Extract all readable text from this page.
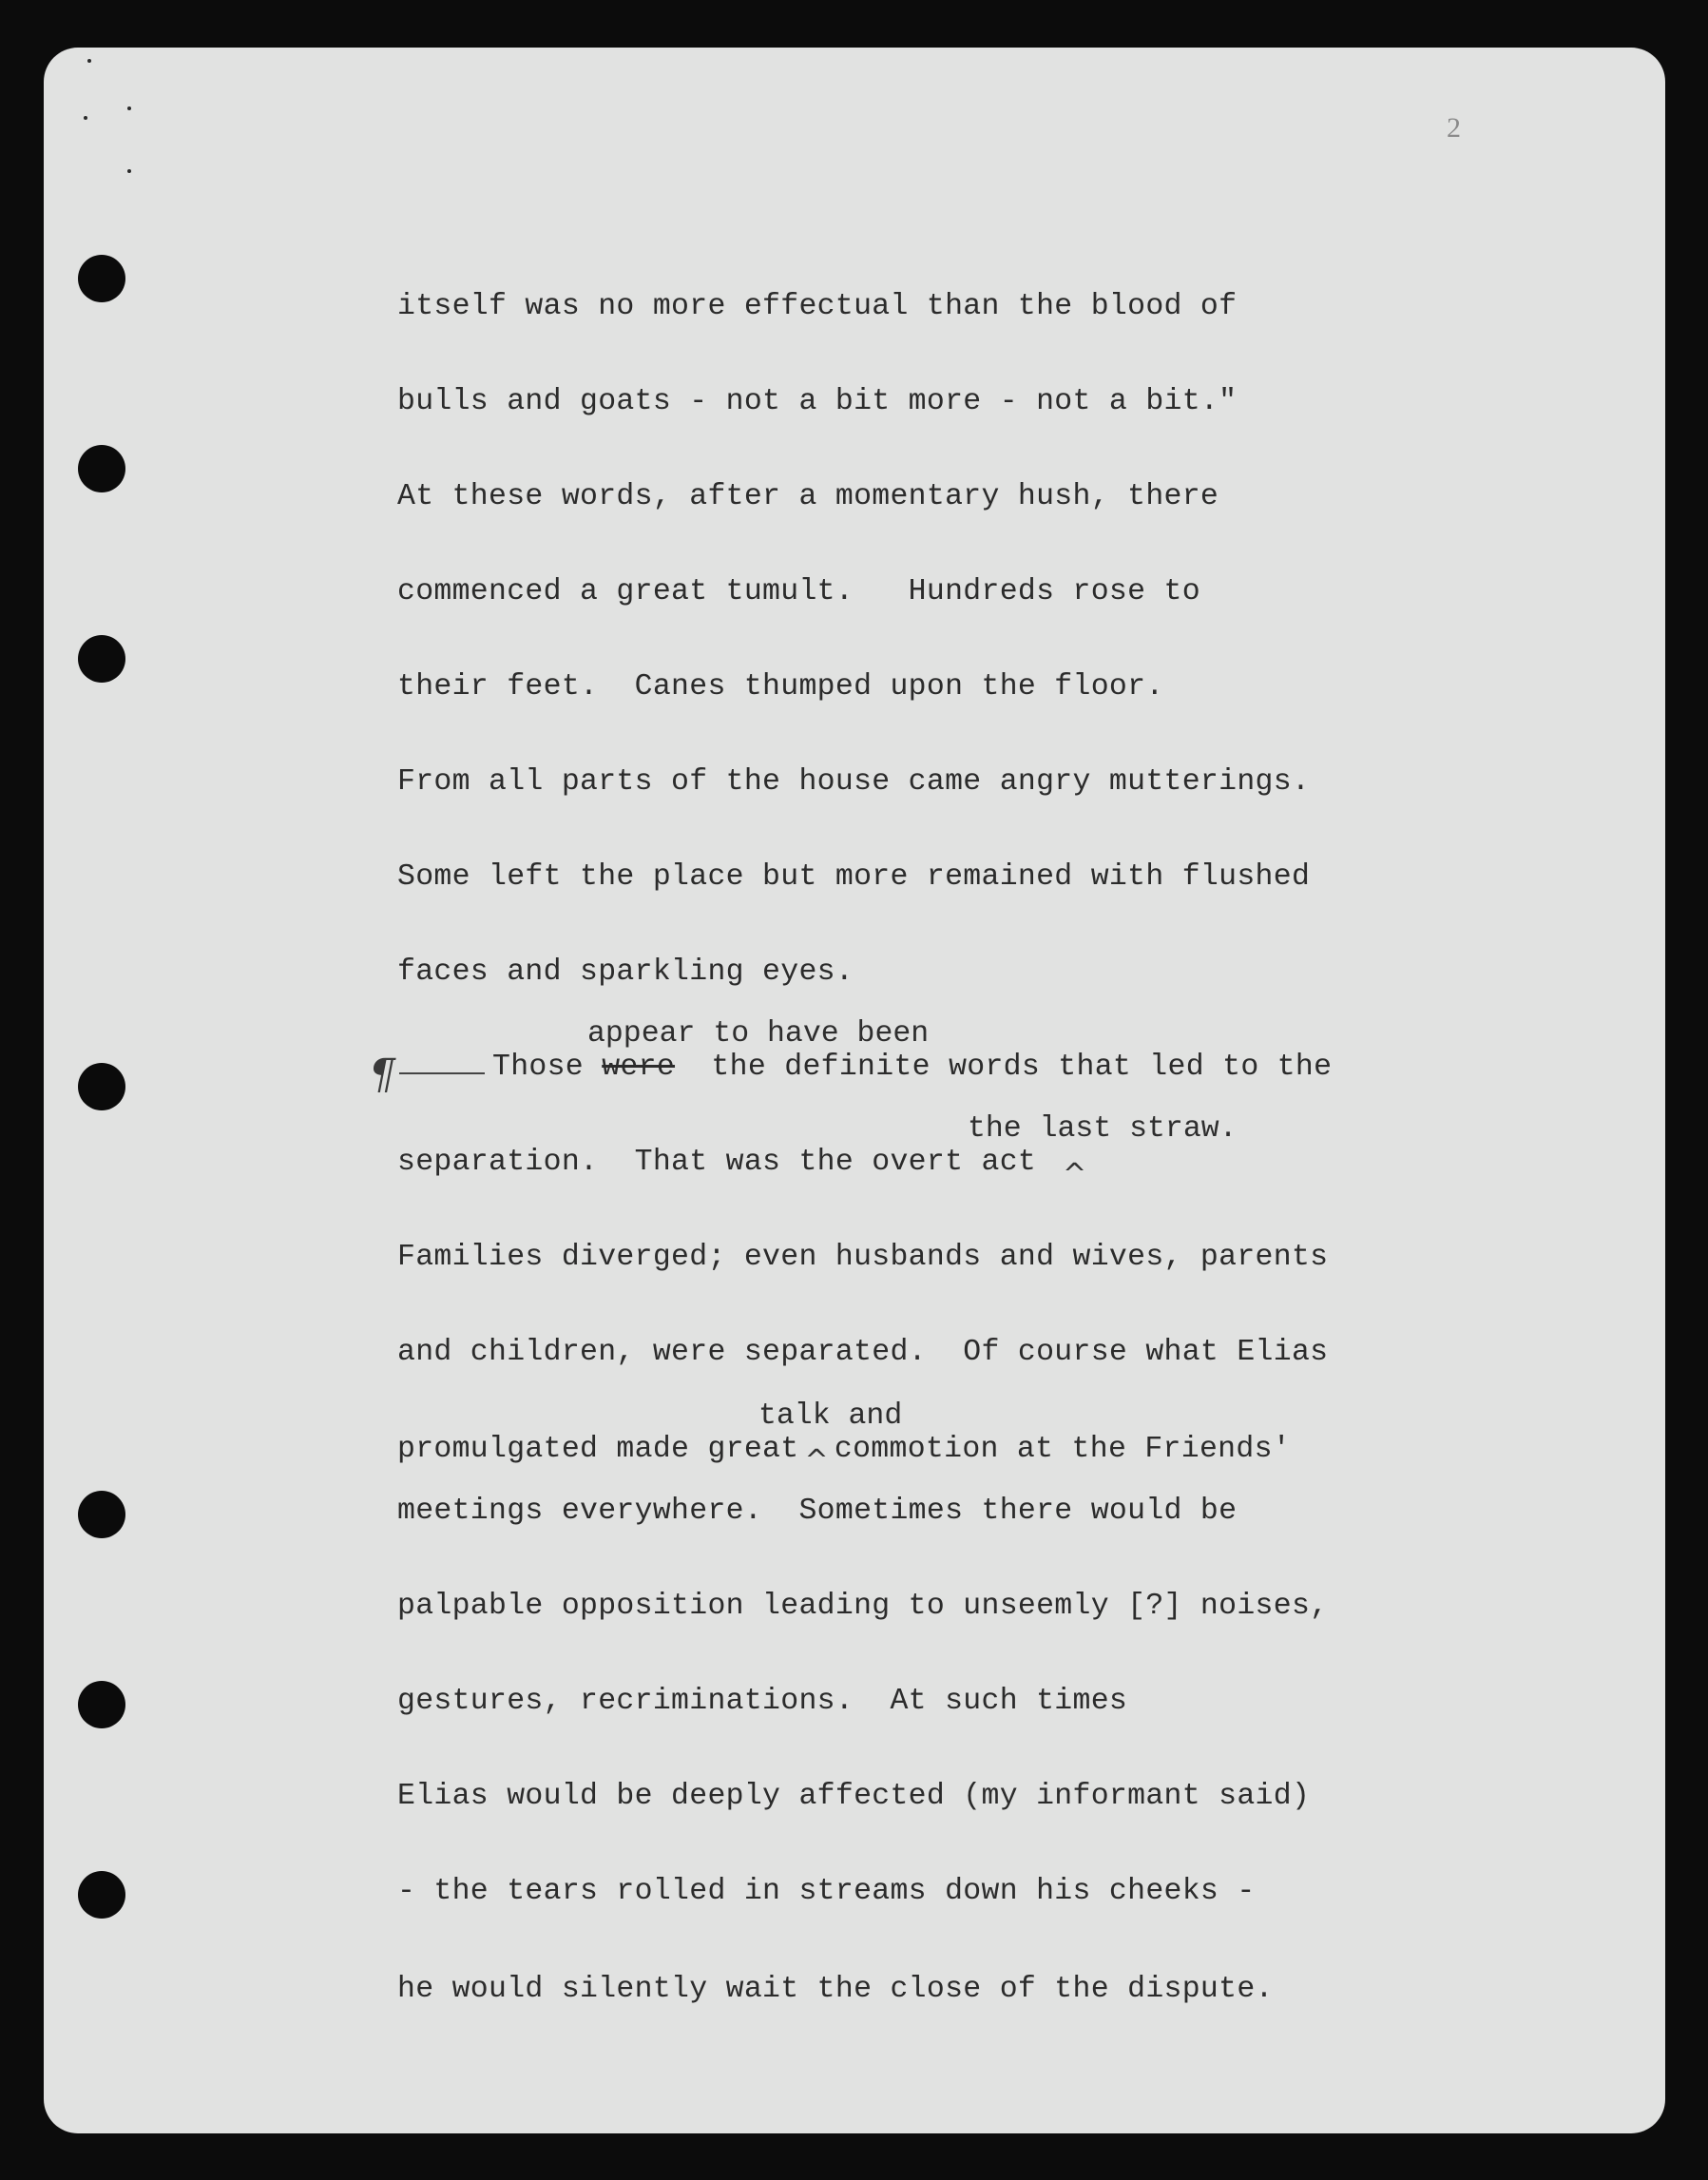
2
itself was no more effectual than the blood of
bulls and goats - not a bit more - not a bit."
At these words, after a momentary hush, there
commenced a great tumult.   Hundreds rose to
their feet.  Canes thumped upon the floor.
From all parts of the house came angry mutterings.
Some left the place but more remained with flushed
faces and sparkling eyes.
¶
appear to have been
Those were  the definite words that led to the
the last straw.
separation.  That was the overt act ^
Families diverged; even husbands and wives, parents
and children, were separated.  Of course what Elias
talk and
promulgated made great ^ commotion at the Friends'
meetings everywhere.  Sometimes there would be
palpable opposition leading to unseemly [?] noises,
gestures, recriminations.  At such times
Elias would be deeply affected (my informant said)
- the tears rolled in streams down his cheeks -
he would silently wait the close of the dispute.
